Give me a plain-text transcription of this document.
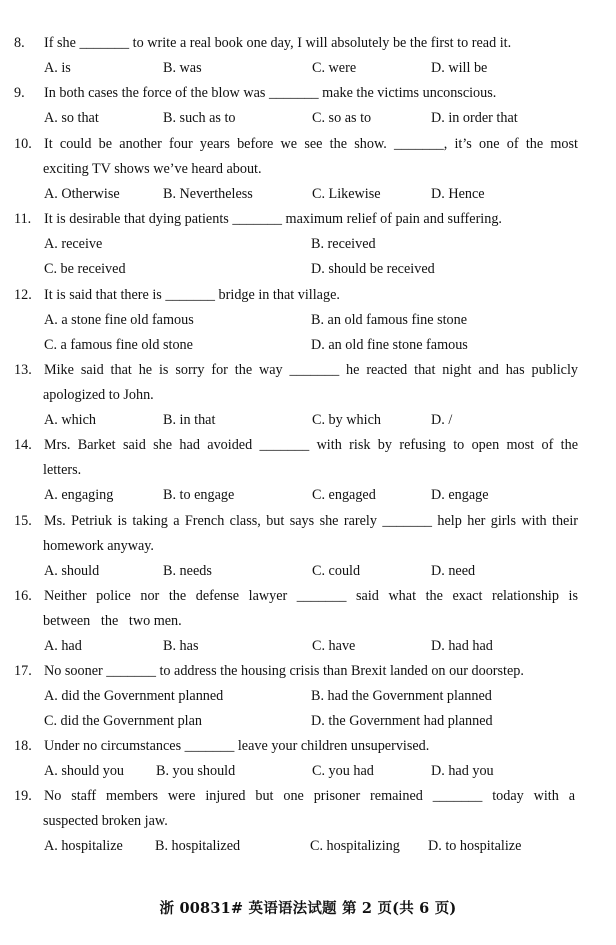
8.	If she _______ to write a real book one day, I will absolutely be the first to read it.
A. is	B. was	C. were	D. will be
9.	In both cases the force of the blow was _______ make the victims unconscious.
A. so that	B. such as to	C. so as to	D. in order that
10. It could be another four years before we see the show. _______, it’s one of the most
exciting TV shows we’ve heard about.
A. Otherwise	B. Nevertheless	C. Likewise	D. Hence
11. It is desirable that dying patients _______ maximum relief of pain and suffering.
A. receive	B. received
C. be received	D. should be received
12. It is said that there is _______ bridge in that village.
A. a stone fine old famous	B. an old famous fine stone
C. a famous fine old stone	D. an old fine stone famous
13. Mike said that he is sorry for the way _______ he reacted that night and has publicly
apologized to John.
A. which	B. in that	C. by which	D. /
14. Mrs. Barket said she had avoided _______ with risk by refusing to open most of the
letters.
A. engaging	B. to engage	C. engaged	D. engage
15. Ms. Petriuk is taking a French class, but says she rarely _______ help her girls with their
homework anyway.
A. should	B. needs	C. could	D. need
16. Neither police nor the defense lawyer _______ said what the exact relationship is
between   the   two men.
A. had	B. has	C. have	D. had had
17. No sooner _______ to address the housing crisis than Brexit landed on our doorstep.
A. did the Government planned	B. had the Government planned
C. did the Government plan	D. the Government had planned
18. Under no circumstances _______ leave your children unsupervised.
A. should you B. you should	C. you had	D. had you
19. No staff members were injured but one prisoner remained _______ today with a
suspected broken jaw.
A. hospitalize B. hospitalized	C. hospitalizing D. to hospitalize
浙 00831# 英语语法试题 第 2 页(共 6 页)
